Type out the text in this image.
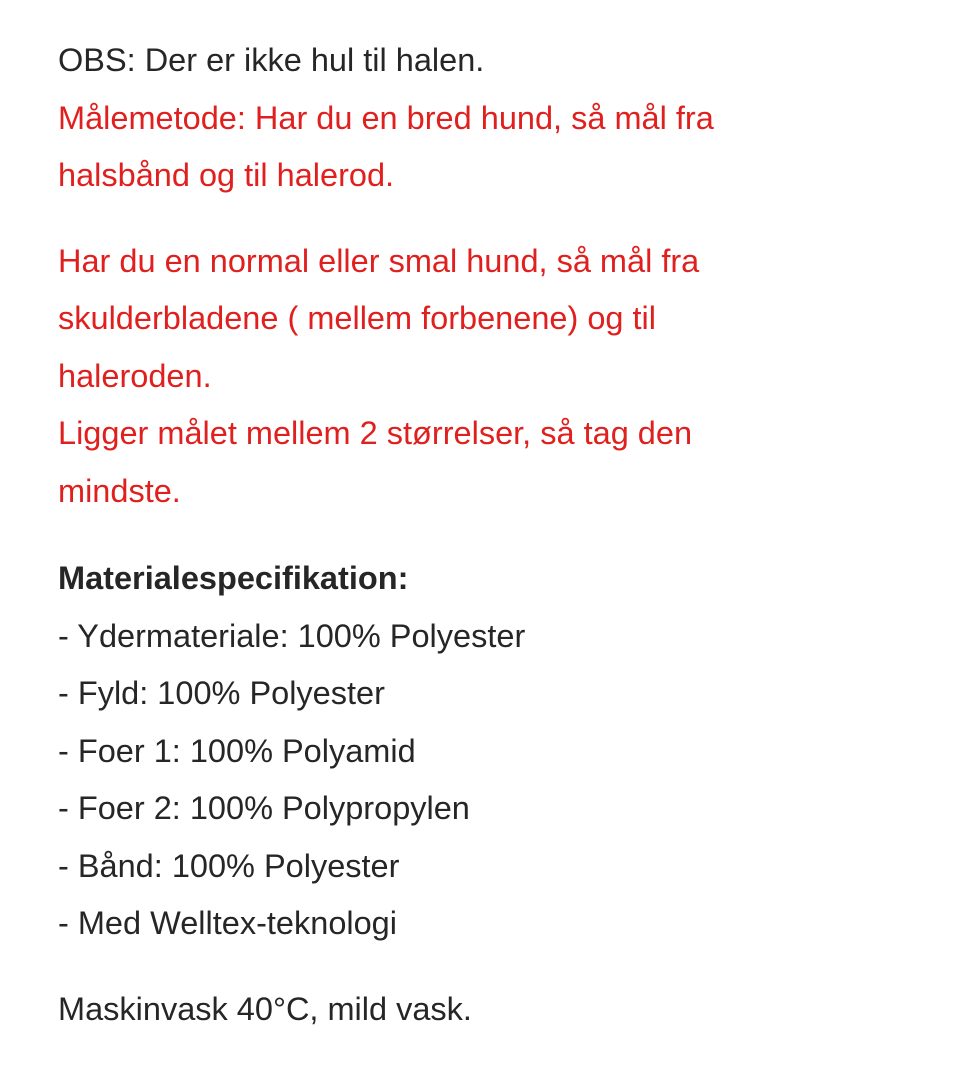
OBS: Der er ikke hul til halen.
Målemetode: Har du en bred hund, så mål fra
halsbånd og til halerod.
Har du en normal eller smal hund, så mål fra
skulderbladene ( mellem forbenene) og til
haleroden.
Ligger målet mellem 2 størrelser, så tag den
mindste.
Materialespecifikation:
- Ydermateriale: 100% Polyester
- Fyld: 100% Polyester
- Foer 1: 100% Polyamid
- Foer 2: 100% Polypropylen
- Bånd: 100% Polyester
- Med Welltex-teknologi
Maskinvask 40°C, mild vask.
